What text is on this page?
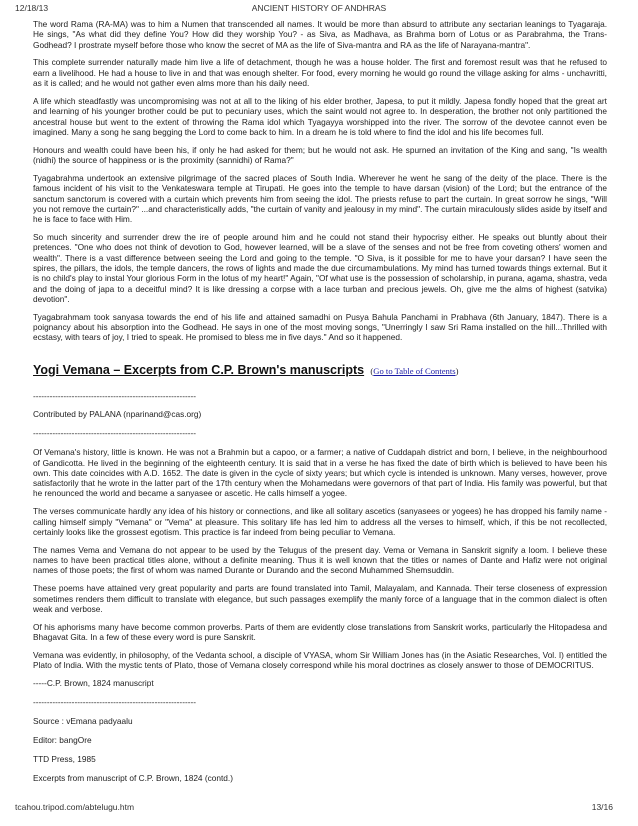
12/18/13	ANCIENT HISTORY OF ANDHRAS

The word Rama (RA-MA) was to him a Numen that transcended all names. It would be more than absurd to attribute any sectarian leanings to Tyagaraja. He sings, "As what did they define You? How did they worship You? - as Siva, as Madhava, as Brahma born of Lotus or as Parabrahma, the Trans-Godhead? I prostrate myself before those who know the secret of MA as the life of Siva-mantra and RA as the life of Narayana-mantra".

This complete surrender naturally made him live a life of detachment, though he was a house holder. The first and foremost result was that he refused to earn a livelihood. He had a house to live in and that was enough shelter. For food, every morning he would go round the village asking for alms - unchavritti, as it is called; and he would not gather even alms more than his daily need.

A life which steadfastly was uncompromising was not at all to the liking of his elder brother, Japesa, to put it mildly. Japesa fondly hoped that the great art and learning of his younger brother could be put to pecuniary uses, which the saint would not agree to. In desperation, the brother not only partitioned the ancestral house but went to the extent of throwing the Rama idol which Tyagayya worshipped into the river. The sorrow of the devotee cannot even be imagined. Many a song he sang begging the Lord to come back to him. In a dream he is told where to find the idol and his life becomes full.

Honours and wealth could have been his, if only he had asked for them; but he would not ask. He spurned an invitation of the King and sang, "Is wealth (nidhi) the source of happiness or is the proximity (sannidhi) of Rama?"

Tyagabrahma undertook an extensive pilgrimage of the sacred places of South India. Wherever he went he sang of the deity of the place. There is the famous incident of his visit to the Venkateswara temple at Tirupati. He goes into the temple to have darsan (vision) of the Lord; but the entrance of the sanctum sanctorum is covered with a curtain which prevents him from seeing the idol. The priests refuse to part the curtain. In great sorrow he sings, "Will you not remove the curtain?" ...and characteristically adds, "the curtain of vanity and jealousy in my mind". The curtain miraculously slides aside by itself and he is face to face with Him.

So much sincerity and surrender drew the ire of people around him and he could not stand their hypocrisy either. He speaks out bluntly about their pretences. "One who does not think of devotion to God, however learned, will be a slave of the senses and not be free from coveting others' women and wealth". There is a vast difference between seeing the Lord and going to the temple. "O Siva, is it possible for me to have your darsan? I have seen the spires, the pillars, the idols, the temple dancers, the rows of lights and made the due circumambulations. My mind has turned towards things external. But it is no child's play to instal Your glorious Form in the lotus of my heart!" Again, "Of what use is the possession of scholarship, in purana, agama, shastra, veda and the doing of japa to a deceitful mind? It is like dressing a corpse with a lace turban and precious jewels. Oh, give me the alms of highest (satvika) devotion".

Tyagabrahmam took sanyasa towards the end of his life and attained samadhi on Pusya Bahula Panchami in Prabhava (6th January, 1847). There is a poignancy about his absorption into the Godhead. He says in one of the most moving songs, "Unerringly I saw Sri Rama installed on the hill...Thrilled with ecstasy, with tears of joy, I tried to speak. He promised to bless me in five days." And so it happened.

Yogi Vemana – Excerpts from C.P. Brown's manuscripts (Go to Table of Contents)

-----------------------------------------------------------

Contributed by PALANA (nparinand@cas.org)

-----------------------------------------------------------

Of Vemana's history, little is known. He was not a Brahmin but a capoo, or a farmer; a native of Cuddapah district and born, I believe, in the neighbourhood of Gandicotta. He lived in the beginning of the eighteenth century. It is said that in a verse he has fixed the date of birth which is believed to have been his own. This date coincides with A.D. 1652. The date is given in the cycle of sixty years; but which cycle is intended is unknown. Many verses, however, prove satisfactorily that he wrote in the latter part of the 17th century when the Mohamedans were governors of that part of India. His family was powerful, but that he renounced the world and became a sanyasee or ascetic. He calls himself a yogee.

The verses communicate hardly any idea of his history or connections, and like all solitary ascetics (sanyasees or yogees) he has dropped his family name - calling himself simply "Vemana" or "Vema" at pleasure. This solitary life has led him to address all the verses to himself, which, if this be not recollected, certainly looks like the grossest egotism. This practice is far indeed from being peculiar to Vemana.

The names Vema and Vemana do not appear to be used by the Telugus of the present day. Vema or Vemana in Sanskrit signify a loom. I believe these names to have been practical titles alone, without a definite meaning. Thus it is well known that the titles or names of Dante and Hafiz were not original names of those poets; the first of whom was named Durante or Durando and the second Muhammed Shemsuddin.

These poems have attained very great popularity and parts are found translated into Tamil, Malayalam, and Kannada. Their terse closeness of expression sometimes renders them difficult to translate with elegance, but such passages exemplify the manly force of a language that in the common dialect is often weak and verbose.

Of his aphorisms many have become common proverbs. Parts of them are evidently close translations from Sanskrit works, particularly the Hitopadesa and Bhagavat Gita. In a few of these every word is pure Sanskrit.

Vemana was evidently, in philosophy, of the Vedanta school, a disciple of VYASA, whom Sir William Jones has (in the Asiatic Researches, Vol. I) entitled the Plato of India. With the mystic tents of Plato, those of Vemana closely correspond while his moral doctrines as closely answer to those of DEMOCRITUS.

-----C.P. Brown, 1824 manuscript

-----------------------------------------------------------

Source : vEmana padyaalu

Editor: bangOre

TTD Press, 1985

Excerpts from manuscript of C.P. Brown, 1824 (contd.)

tcahou.tripod.com/abtelugu.htm	13/16
